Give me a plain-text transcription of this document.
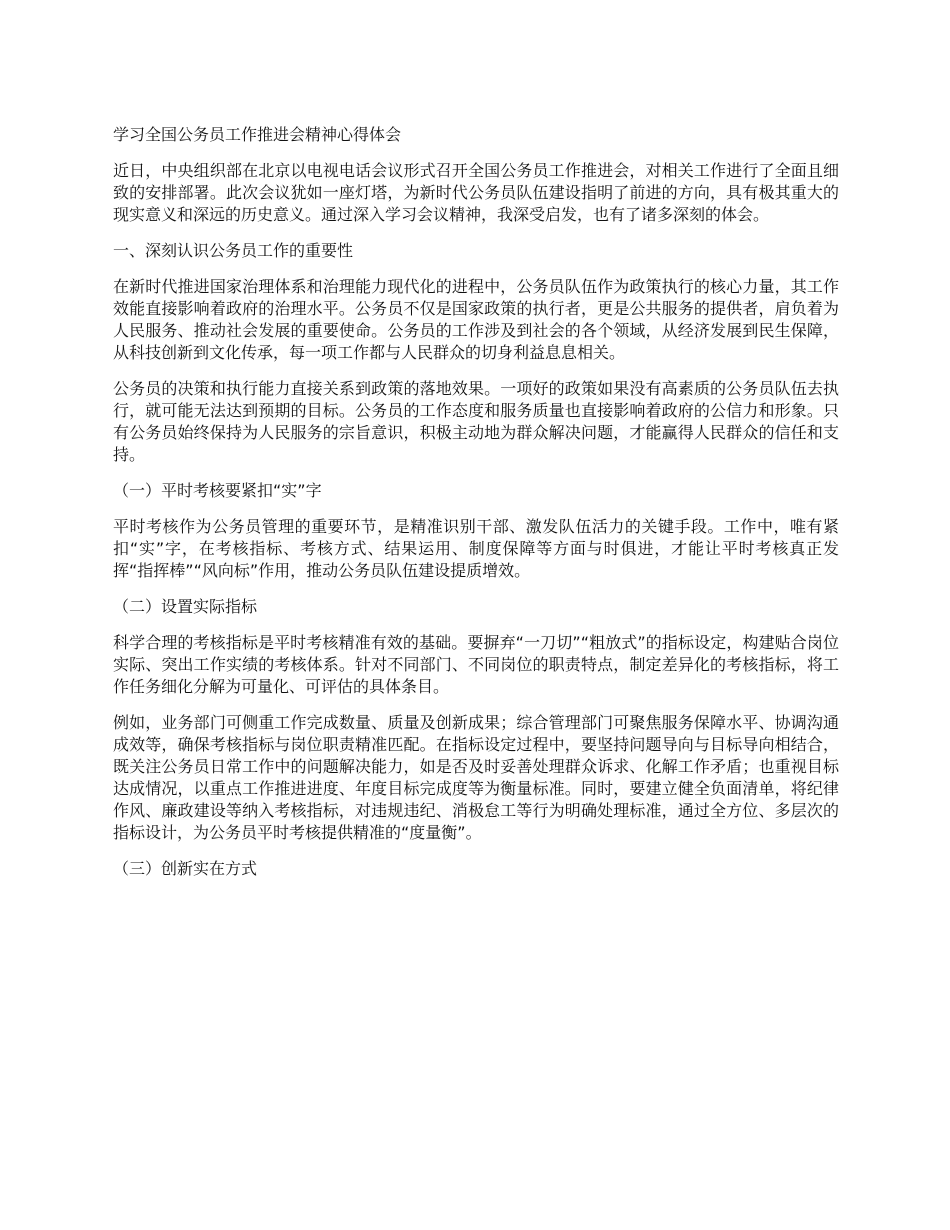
学习全国公务员工作推进会精神心得体会

近日，中央组织部在北京以电视电话会议形式召开全国公务员工作推进会，对相关工作进行了全面且细致的安排部署。此次会议犹如一座灯塔，为新时代公务员队伍建设指明了前进的方向，具有极其重大的现实意义和深远的历史意义。通过深入学习会议精神，我深受启发，也有了诸多深刻的体会。

一、深刻认识公务员工作的重要性

在新时代推进国家治理体系和治理能力现代化的进程中，公务员队伍作为政策执行的核心力量，其工作效能直接影响着政府的治理水平。公务员不仅是国家政策的执行者，更是公共服务的提供者，肩负着为人民服务、推动社会发展的重要使命。公务员的工作涉及到社会的各个领域，从经济发展到民生保障，从科技创新到文化传承，每一项工作都与人民群众的切身利益息息相关。

公务员的决策和执行能力直接关系到政策的落地效果。一项好的政策如果没有高素质的公务员队伍去执行，就可能无法达到预期的目标。公务员的工作态度和服务质量也直接影响着政府的公信力和形象。只有公务员始终保持为人民服务的宗旨意识，积极主动地为群众解决问题，才能赢得人民群众的信任和支持。

（一）平时考核要紧扣“实”字

平时考核作为公务员管理的重要环节，是精准识别干部、激发队伍活力的关键手段。工作中，唯有紧扣“实”字，在考核指标、考核方式、结果运用、制度保障等方面与时俱进，才能让平时考核真正发挥“指挥棒”“风向标”作用，推动公务员队伍建设提质增效。

（二）设置实际指标

科学合理的考核指标是平时考核精准有效的基础。要摒弃“一刀切”“粗放式”的指标设定，构建贴合岗位实际、突出工作实绩的考核体系。针对不同部门、不同岗位的职责特点，制定差异化的考核指标，将工作任务细化分解为可量化、可评估的具体条目。

例如，业务部门可侧重工作完成数量、质量及创新成果；综合管理部门可聚焦服务保障水平、协调沟通成效等，确保考核指标与岗位职责精准匹配。在指标设定过程中，要坚持问题导向与目标导向相结合，既关注公务员日常工作中的问题解决能力，如是否及时妥善处理群众诉求、化解工作矛盾；也重视目标达成情况，以重点工作推进进度、年度目标完成度等为衡量标准。同时，要建立健全负面清单，将纪律作风、廉政建设等纳入考核指标，对违规违纪、消极怠工等行为明确处理标准，通过全方位、多层次的指标设计，为公务员平时考核提供精准的“度量衡”。

（三）创新实在方式
